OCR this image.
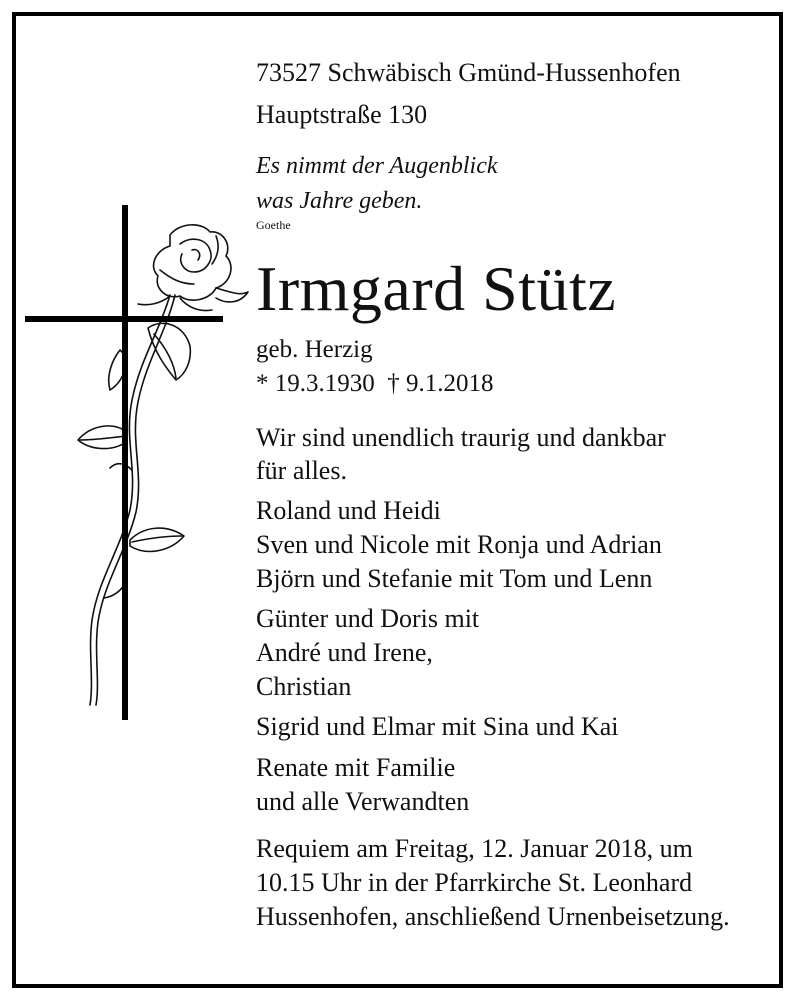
73527 Schwäbisch Gmünd-Hussenhofen
Hauptstraße 130
Es nimmt der Augenblick
was Jahre geben.
Goethe
Irmgard Stütz
geb. Herzig
* 19.3.1930  † 9.1.2018
Wir sind unendlich traurig und dankbar
für alles.
Roland und Heidi
Sven und Nicole mit Ronja und Adrian
Björn und Stefanie mit Tom und Lenn
Günter und Doris mit
André und Irene,
Christian
Sigrid und Elmar mit Sina und Kai
Renate mit Familie
und alle Verwandten
Requiem am Freitag, 12. Januar 2018, um
10.15 Uhr in der Pfarrkirche St. Leonhard
Hussenhofen, anschließend Urnenbeisetzung.
